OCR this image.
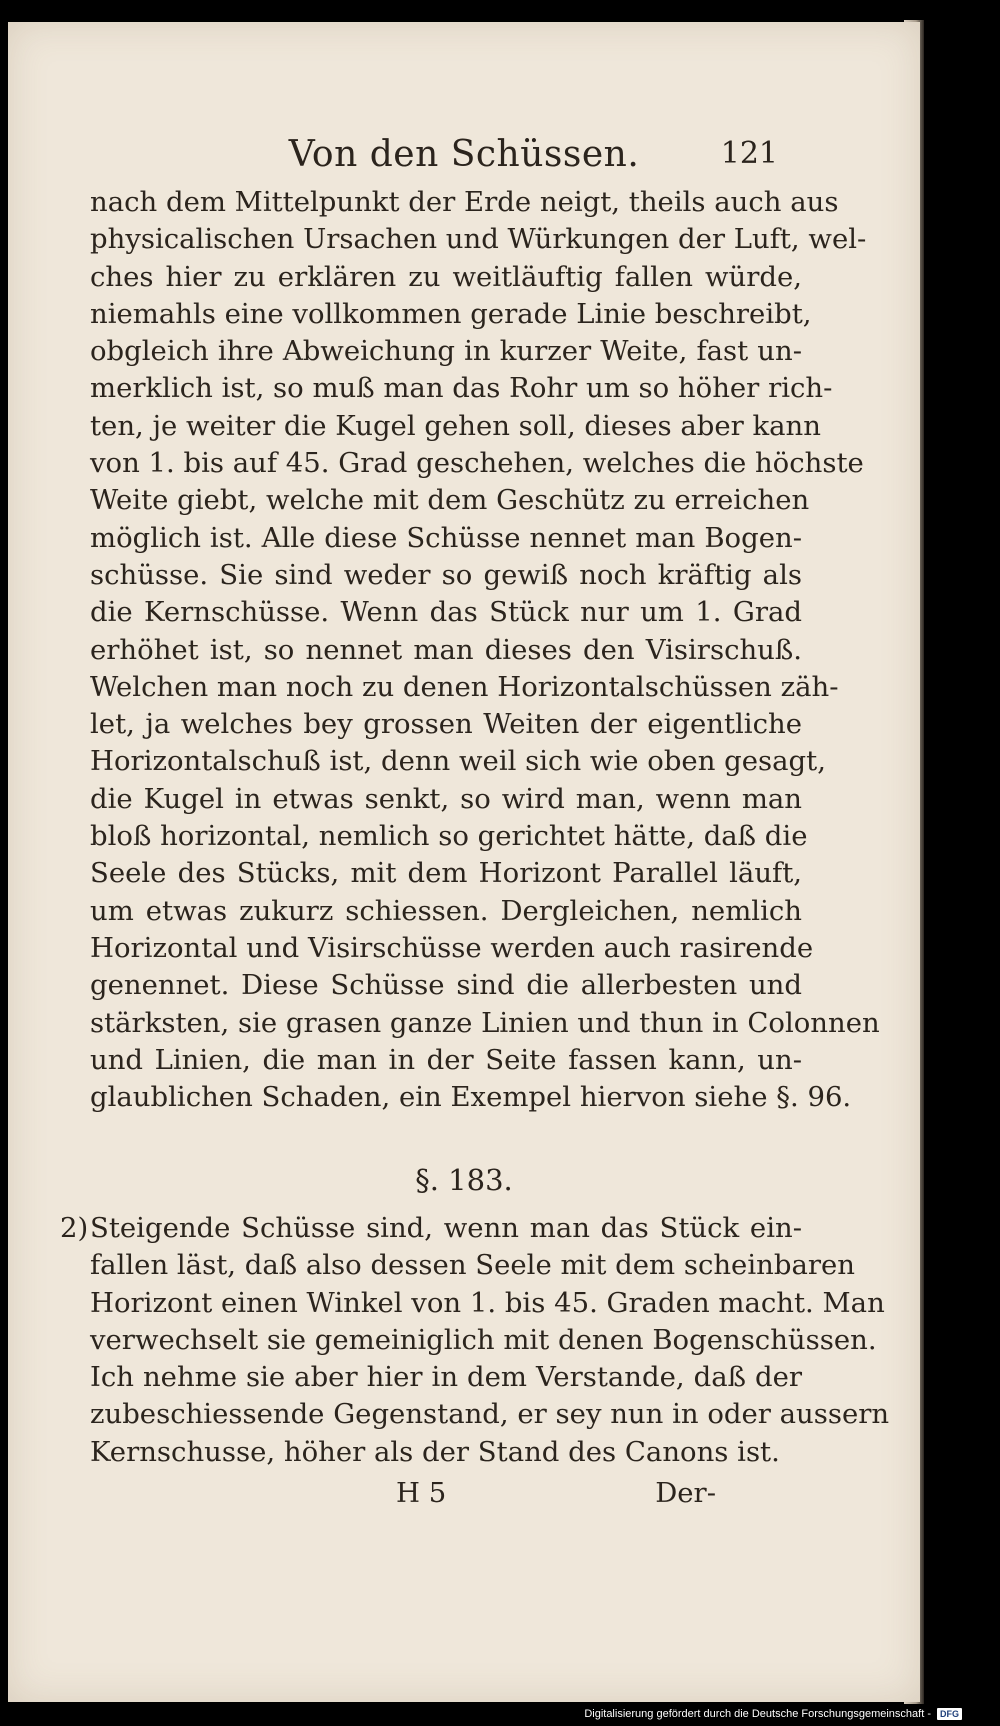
Von den Schüssen.	121
nach dem Mittelpunkt der Erde neigt, theils auch aus
physicalischen Ursachen und Würkungen der Luft, wel-
ches hier zu erklären zu weitläuftig fallen würde,
niemahls eine vollkommen gerade Linie beschreibt,
obgleich ihre Abweichung in kurzer Weite, fast un-
merklich ist, so muß man das Rohr um so höher rich-
ten, je weiter die Kugel gehen soll, dieses aber kann
von 1. bis auf 45. Grad geschehen, welches die höchste
Weite giebt, welche mit dem Geschütz zu erreichen
möglich ist. Alle diese Schüsse nennet man Bogen-
schüsse. Sie sind weder so gewiß noch kräftig als
die Kernschüsse. Wenn das Stück nur um 1. Grad
erhöhet ist, so nennet man dieses den Visirschuß.
Welchen man noch zu denen Horizontalschüssen zäh-
let, ja welches bey grossen Weiten der eigentliche
Horizontalschuß ist, denn weil sich wie oben gesagt,
die Kugel in etwas senkt, so wird man, wenn man
bloß horizontal, nemlich so gerichtet hätte, daß die
Seele des Stücks, mit dem Horizont Parallel läuft,
um etwas zukurz schiessen. Dergleichen, nemlich
Horizontal und Visirschüsse werden auch rasirende
genennet. Diese Schüsse sind die allerbesten und
stärksten, sie grasen ganze Linien und thun in Colonnen
und Linien, die man in der Seite fassen kann, un-
glaublichen Schaden, ein Exempel hiervon siehe §. 96.
§. 183.
2) Steigende Schüsse sind, wenn man das Stück ein-
fallen läst, daß also dessen Seele mit dem scheinbaren
Horizont einen Winkel von 1. bis 45. Graden macht. Man
verwechselt sie gemeiniglich mit denen Bogenschüssen.
Ich nehme sie aber hier in dem Verstande, daß der
zubeschiessende Gegenstand, er sey nun in oder aussern
Kernschusse, höher als der Stand des Canons ist.
H 5	Der-
Digitalisierung gefördert durch die Deutsche Forschungsgemeinschaft -	DFG
